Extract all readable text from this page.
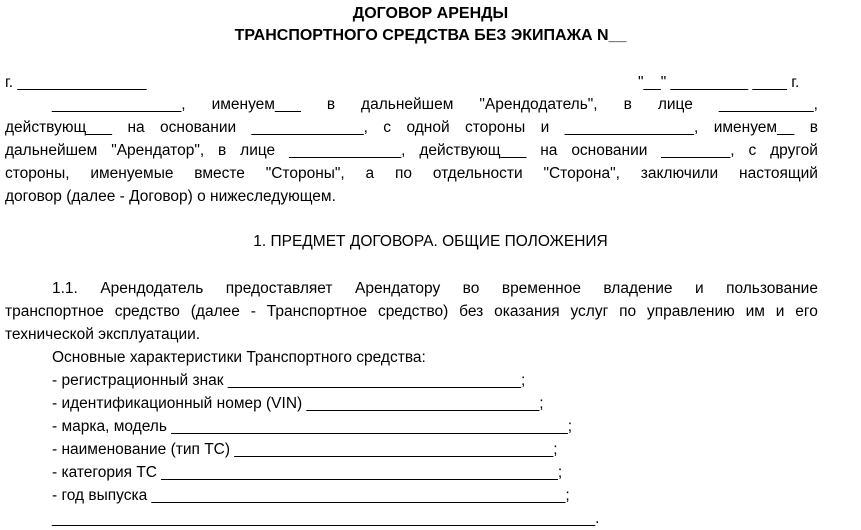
ДОГОВОР АРЕНДЫ
ТРАНСПОРТНОГО СРЕДСТВА БЕЗ ЭКИПАЖА N__
г. _______________	"__" _________ ____ г.
_______________, именуем___ в дальнейшем "Арендодатель", в лице ___________,
действующ___ на основании _____________, с одной стороны и _______________, именуем__ в
дальнейшем "Арендатор", в лице _____________, действующ___ на основании ________, с другой
стороны, именуемые вместе "Стороны", а по отдельности "Сторона", заключили настоящий
договор (далее - Договор) о нижеследующем.
1. ПРЕДМЕТ ДОГОВОРА. ОБЩИЕ ПОЛОЖЕНИЯ
1.1. Арендодатель предоставляет Арендатору во временное владение и пользование
транспортное средство (далее - Транспортное средство) без оказания услуг по управлению им и его
технической эксплуатации.
Основные характеристики Транспортного средства:
- регистрационный знак __________________________________;
- идентификационный номер (VIN) ___________________________;
- марка, модель ______________________________________________;
- наименование (тип ТС) _____________________________________;
- категория ТС ______________________________________________;
- год выпуска ________________________________________________;
_______________________________________________________________.
